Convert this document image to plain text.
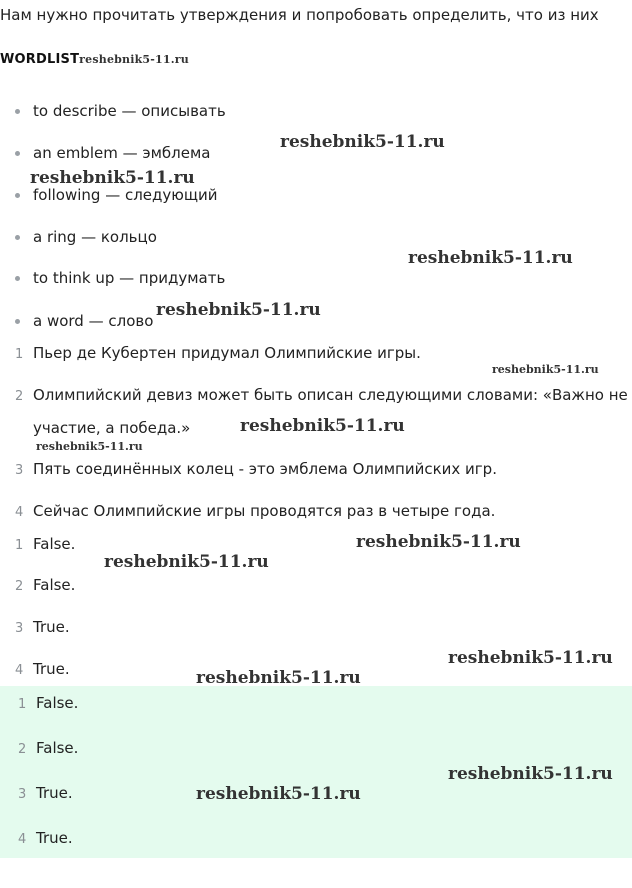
Нам нужно прочитать утверждения и попробовать определить, что из них
WORDLISTreshebnik5-11.ru
to describe — описывать
an emblem — эмблема
following — следующий
a ring — кольцо
to think up — придумать
a word — слово
1 Пьер де Кубертен придумал Олимпийские игры.
2 Олимпийский девиз может быть описан следующими словами: «Важно не
участие, а победа.»
3 Пять соединённых колец - это эмблема Олимпийских игр.
4 Сейчас Олимпийские игры проводятся раз в четыре года.
1 False.
2 False.
3 True.
4 True.
1 False.
2 False.
3 True.
4 True.
reshebnik5-11.ru
reshebnik5-11.ru
reshebnik5-11.ru
reshebnik5-11.ru
reshebnik5-11.ru
reshebnik5-11.ru
reshebnik5-11.ru
reshebnik5-11.ru
reshebnik5-11.ru
reshebnik5-11.ru
reshebnik5-11.ru
reshebnik5-11.ru
reshebnik5-11.ru
